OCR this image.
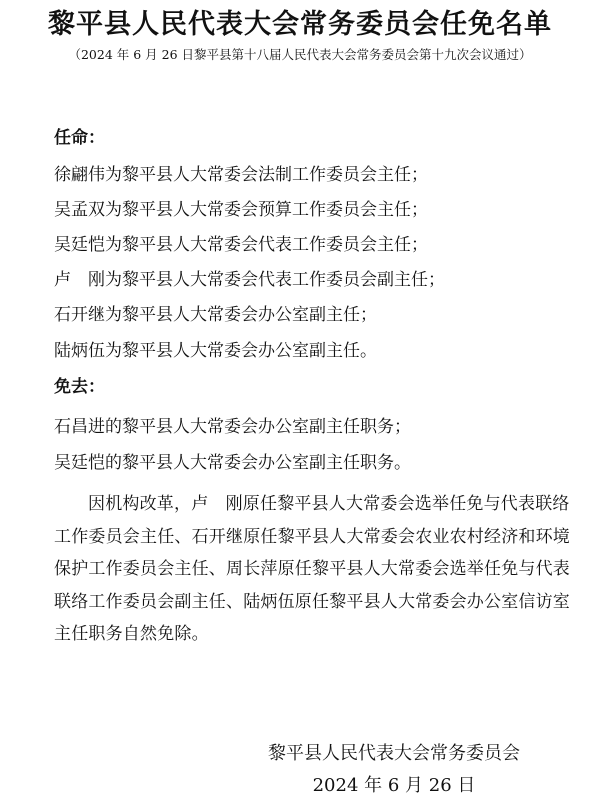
黎平县人民代表大会常务委员会任免名单
（2024 年 6 月 26 日黎平县第十八届人民代表大会常务委员会第十九次会议通过）
任命：
徐翩伟为黎平县人大常委会法制工作委员会主任；
吴孟双为黎平县人大常委会预算工作委员会主任；
吴廷恺为黎平县人大常委会代表工作委员会主任；
卢　刚为黎平县人大常委会代表工作委员会副主任；
石开继为黎平县人大常委会办公室副主任；
陆炳伍为黎平县人大常委会办公室副主任。
免去：
石昌进的黎平县人大常委会办公室副主任职务；
吴廷恺的黎平县人大常委会办公室副主任职务。
因机构改革，卢　刚原任黎平县人大常委会选举任免与代表联络工作委员会主任、石开继原任黎平县人大常委会农业农村经济和环境保护工作委员会主任、周长萍原任黎平县人大常委会选举任免与代表联络工作委员会副主任、陆炳伍原任黎平县人大常委会办公室信访室主任职务自然免除。
黎平县人民代表大会常务委员会
2024 年 6 月 26 日
